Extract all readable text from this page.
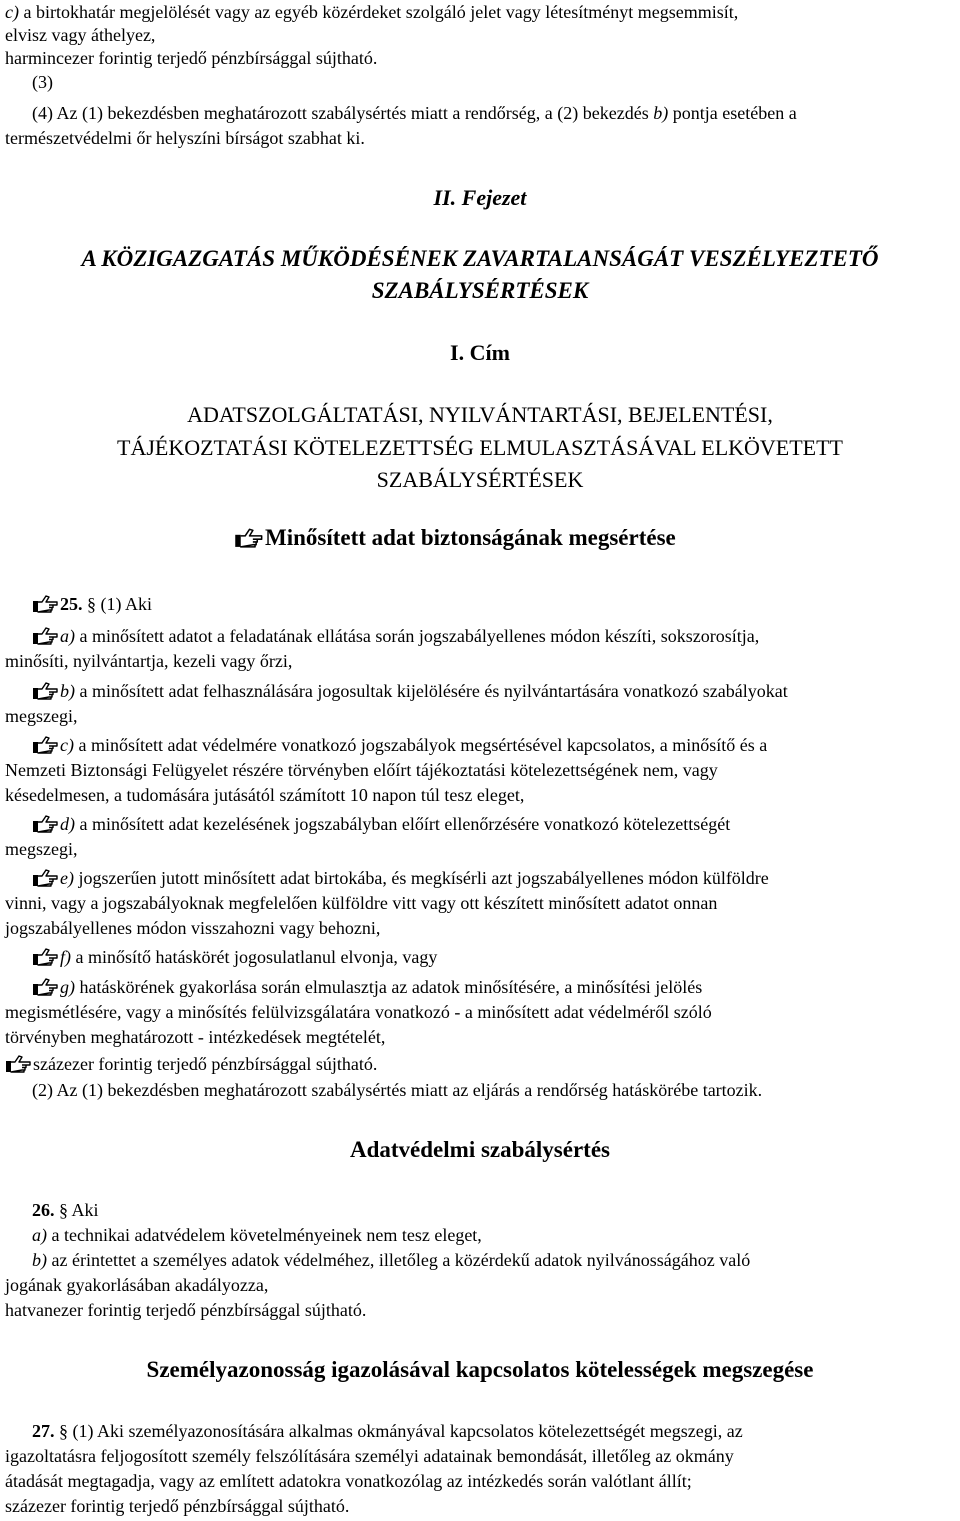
c) a birtokhatár megjelölését vagy az egyéb közérdeket szolgáló jelet vagy létesítményt megsemmisít,
elvisz vagy áthelyez,
harmincezer forintig terjedő pénzbírsággal sújtható.
(3)
(4) Az (1) bekezdésben meghatározott szabálysértés miatt a rendőrség, a (2) bekezdés b) pontja esetében a
természetvédelmi őr helyszíni bírságot szabhat ki.
II. Fejezet
A KÖZIGAZGATÁS MŰKÖDÉSÉNEK ZAVARTALANSÁGÁT VESZÉLYEZTETŐ
SZABÁLYSÉRTÉSEK
I. Cím
ADATSZOLGÁLTATÁSI, NYILVÁNTARTÁSI, BEJELENTÉSI,
TÁJÉKOZTATÁSI KÖTELEZETTSÉG ELMULASZTÁSÁVAL ELKÖVETETT
SZABÁLYSÉRTÉSEK
Minősített adat biztonságának megsértése
25. § (1) Aki
a) a minősített adatot a feladatának ellátása során jogszabályellenes módon készíti, sokszorosítja,
minősíti, nyilvántartja, kezeli vagy őrzi,
b) a minősített adat felhasználására jogosultak kijelölésére és nyilvántartására vonatkozó szabályokat
megszegi,
c) a minősített adat védelmére vonatkozó jogszabályok megsértésével kapcsolatos, a minősítő és a
Nemzeti Biztonsági Felügyelet részére törvényben előírt tájékoztatási kötelezettségének nem, vagy
késedelmesen, a tudomására jutásától számított 10 napon túl tesz eleget,
d) a minősített adat kezelésének jogszabályban előírt ellenőrzésére vonatkozó kötelezettségét
megszegi,
e) jogszerűen jutott minősített adat birtokába, és megkísérli azt jogszabályellenes módon külföldre
vinni, vagy a jogszabályoknak megfelelően külföldre vitt vagy ott készített minősített adatot onnan
jogszabályellenes módon visszahozni vagy behozni,
f) a minősítő hatáskörét jogosulatlanul elvonja, vagy
g) hatáskörének gyakorlása során elmulasztja az adatok minősítésére, a minősítési jelölés
megismétlésére, vagy a minősítés felülvizsgálatára vonatkozó - a minősített adat védelméről szóló
törvényben meghatározott - intézkedések megtételét,
százezer forintig terjedő pénzbírsággal sújtható.
(2) Az (1) bekezdésben meghatározott szabálysértés miatt az eljárás a rendőrség hatáskörébe tartozik.
Adatvédelmi szabálysértés
26. § Aki
a) a technikai adatvédelem követelményeinek nem tesz eleget,
b) az érintettet a személyes adatok védelméhez, illetőleg a közérdekű adatok nyilvánosságához való
jogának gyakorlásában akadályozza,
hatvanezer forintig terjedő pénzbírsággal sújtható.
Személyazonosság igazolásával kapcsolatos kötelességek megszegése
27. § (1) Aki személyazonosítására alkalmas okmányával kapcsolatos kötelezettségét megszegi, az
igazoltatásra feljogosított személy felszólítására személyi adatainak bemondását, illetőleg az okmány
átadását megtagadja, vagy az említett adatokra vonatkozólag az intézkedés során valótlant állít;
százezer forintig terjedő pénzbírsággal sújtható.
